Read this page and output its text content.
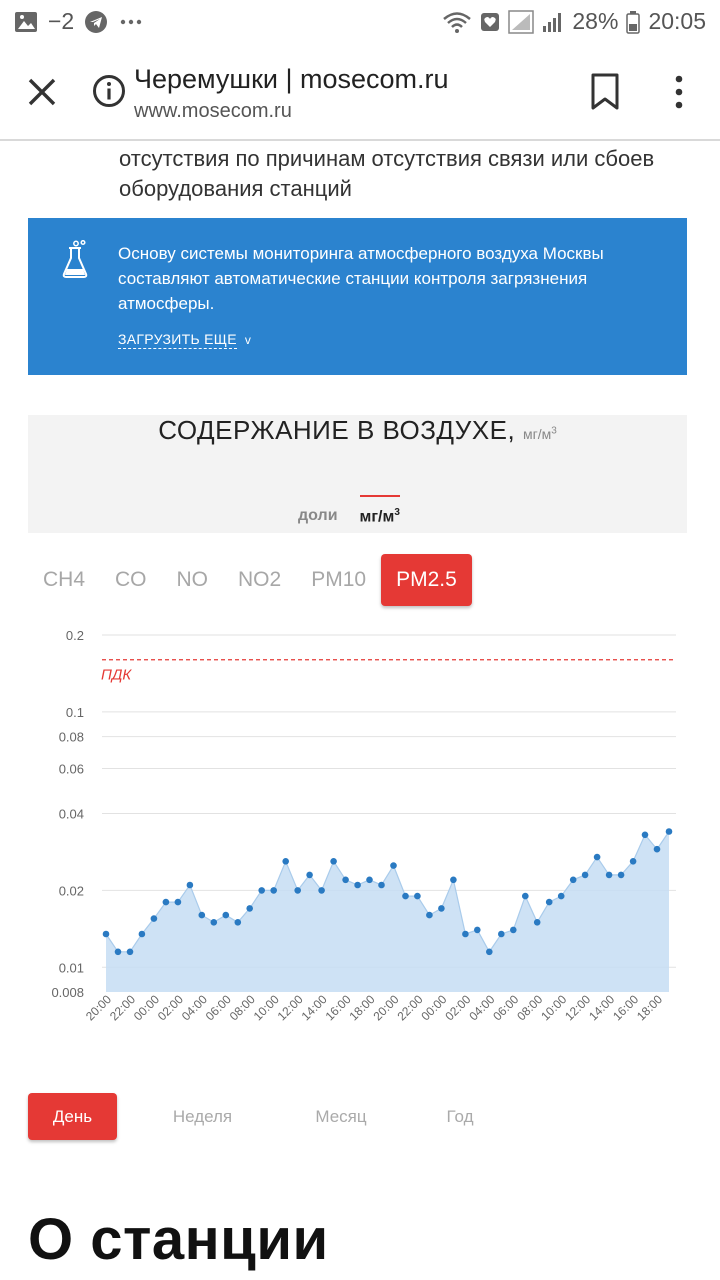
−2	28% 20:05
Черемушки | mosecom.ru
www.mosecom.ru
отсутствия по причинам отсутствия связи или сбоев оборудования станций
Основу системы мониторинга атмосферного воздуха Москвы составляют автоматические станции контроля загрязнения атмосферы.
ЗАГРУЗИТЬ ЕЩЕ v
СОДЕРЖАНИЕ В ВОЗДУХЕ, $мг/м^3$
доли $мг/м^3$
CH4	CO	NO	NO2	PM10	PM2.5
0.2
0.1
0.08
0.06
0.04
0.02
0.01
0.008
ПДК
20:00
22:00
00:00
02:00
04:00
06:00
08:00
10:00
12:00
14:00
16:00
18:00
20:00
22:00
00:00
02:00
04:00
06:00
08:00
10:00
12:00
14:00
16:00
18:00
День	Неделя	Месяц	Год
О станции
